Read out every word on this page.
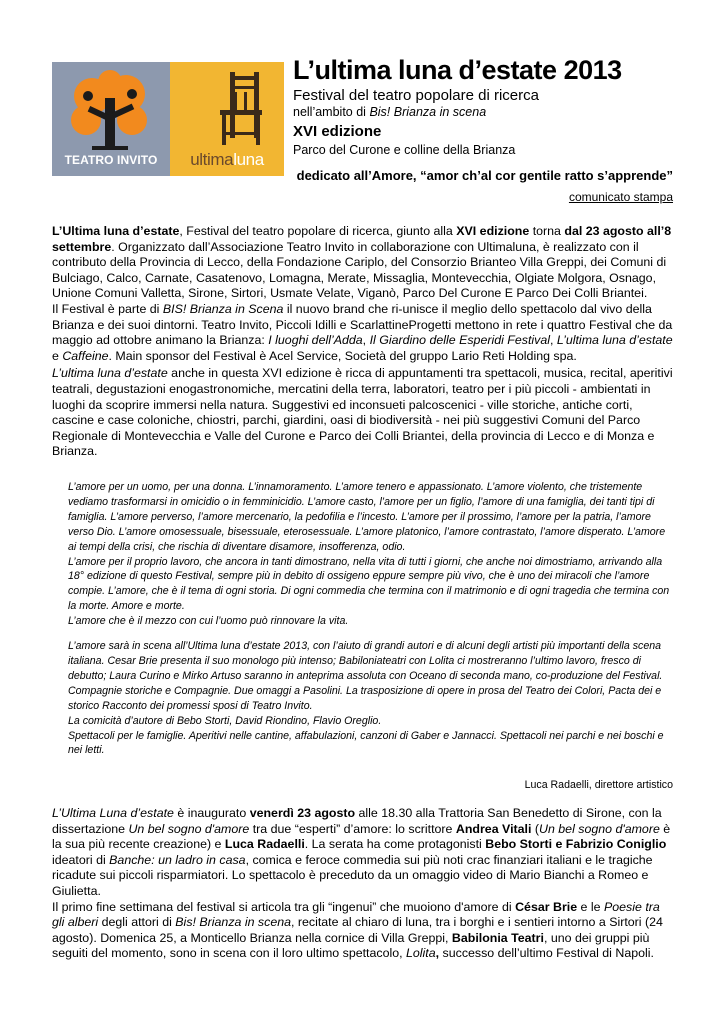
TEATRO INVITO	ultimaluna
L’ultima luna d’estate 2013
Festival del teatro popolare di ricerca
nell’ambito di Bis! Brianza in scena
XVI edizione
Parco del Curone e colline della Brianza
dedicato all’Amore, “amor ch’al cor gentile ratto s’apprende”
comunicato stampa

L’Ultima luna d’estate, Festival del teatro popolare di ricerca, giunto alla XVI edizione torna dal 23 agosto all’8 settembre. Organizzato dall’Associazione Teatro Invito in collaborazione con Ultimaluna, è realizzato con il contributo della Provincia di Lecco, della Fondazione Cariplo, del Consorzio Brianteo Villa Greppi, dei Comuni di Bulciago, Calco, Carnate, Casatenovo, Lomagna, Merate, Missaglia, Montevecchia, Olgiate Molgora, Osnago, Unione Comuni Valletta, Sirone, Sirtori, Usmate Velate, Viganò, Parco Del Curone E Parco Dei Colli Briantei.

Il Festival è parte di BIS! Brianza in Scena il nuovo brand che ri-unisce il meglio dello spettacolo dal vivo della Brianza e dei suoi dintorni. Teatro Invito, Piccoli Idilli e ScarlattineProgetti mettono in rete i quattro Festival che da maggio ad ottobre animano la Brianza: I luoghi dell’Adda, Il Giardino delle Esperidi Festival, L’ultima luna d’estate e Caffeine. Main sponsor del Festival è Acel Service, Società del gruppo Lario Reti Holding spa.

L’ultima luna d’estate anche in questa XVI edizione è ricca di appuntamenti tra spettacoli, musica, recital, aperitivi teatrali, degustazioni enogastronomiche, mercatini della terra, laboratori, teatro per i più piccoli - ambientati in luoghi da scoprire immersi nella natura. Suggestivi ed inconsueti palcoscenici - ville storiche, antiche corti, cascine e case coloniche, chiostri, parchi, giardini, oasi di biodiversità - nei più suggestivi Comuni del Parco Regionale di Montevecchia e Valle del Curone e Parco dei Colli Briantei, della provincia di Lecco e di Monza e Brianza.

L’amore per un uomo, per una donna. L’innamoramento. L’amore tenero e appassionato. L’amore violento, che tristemente vediamo trasformarsi in omicidio o in femminicidio. L’amore casto, l’amore per un figlio, l’amore di una famiglia, dei tanti tipi di famiglia. L’amore perverso, l’amore mercenario, la pedofilia e l’incesto. L’amore per il prossimo, l’amore per la patria, l’amore verso Dio. L’amore omosessuale, bisessuale, eterosessuale. L’amore platonico, l’amore contrastato, l’amore disperato. L’amore ai tempi della crisi, che rischia di diventare disamore, insofferenza, odio.

L’amore per il proprio lavoro, che ancora in tanti dimostrano, nella vita di tutti i giorni, che anche noi dimostriamo, arrivando alla 18° edizione di questo Festival, sempre più in debito di ossigeno eppure sempre più vivo, che è uno dei miracoli che l’amore compie. L’amore, che è il tema di ogni storia. Di ogni commedia che termina con il matrimonio e di ogni tragedia che termina con la morte. Amore e morte.

L’amore che è il mezzo con cui l’uomo può rinnovare la vita.

L’amore sarà in scena all’Ultima luna d’estate 2013, con l’aiuto di grandi autori e di alcuni degli artisti più importanti della scena italiana. Cesar Brie presenta il suo monologo più intenso; Babiloniateatri con Lolita ci mostreranno l’ultimo lavoro, fresco di debutto; Laura Curino e Mirko Artuso saranno in anteprima assoluta con Oceano di seconda mano, co-produzione del Festival.

Compagnie storiche e Compagnie. Due omaggi a Pasolini. La trasposizione di opere in prosa del Teatro dei Colori, Pacta dei e storico Racconto dei promessi sposi di Teatro Invito.

La comicità d’autore di Bebo Storti, David Riondino, Flavio Oreglio.

Spettacoli per le famiglie. Aperitivi nelle cantine, affabulazioni, canzoni di Gaber e Jannacci. Spettacoli nei parchi e nei boschi e nei letti.

Luca Radaelli, direttore artistico

L’Ultima Luna d’estate è inaugurato venerdì 23 agosto alle 18.30 alla Trattoria San Benedetto di Sirone, con la dissertazione Un bel sogno d'amore tra due “esperti” d’amore: lo scrittore Andrea Vitali (Un bel sogno d'amore è la sua più recente creazione) e Luca Radaelli. La serata ha come protagonisti Bebo Storti e Fabrizio Coniglio ideatori di Banche: un ladro in casa, comica e feroce commedia sui più noti crac finanziari italiani e le tragiche ricadute sui piccoli risparmiatori. Lo spettacolo è preceduto da un omaggio video di Mario Bianchi a Romeo e Giulietta.

Il primo fine settimana del festival si articola tra gli “ingenui” che muoiono d'amore di César Brie e le Poesie tra gli alberi degli attori di Bis! Brianza in scena, recitate al chiaro di luna, tra i borghi e i sentieri intorno a Sirtori (24 agosto). Domenica 25, a Monticello Brianza nella cornice di Villa Greppi, Babilonia Teatri, uno dei gruppi più seguiti del momento, sono in scena con il loro ultimo spettacolo, Lolita, successo dell’ultimo Festival di Napoli.
